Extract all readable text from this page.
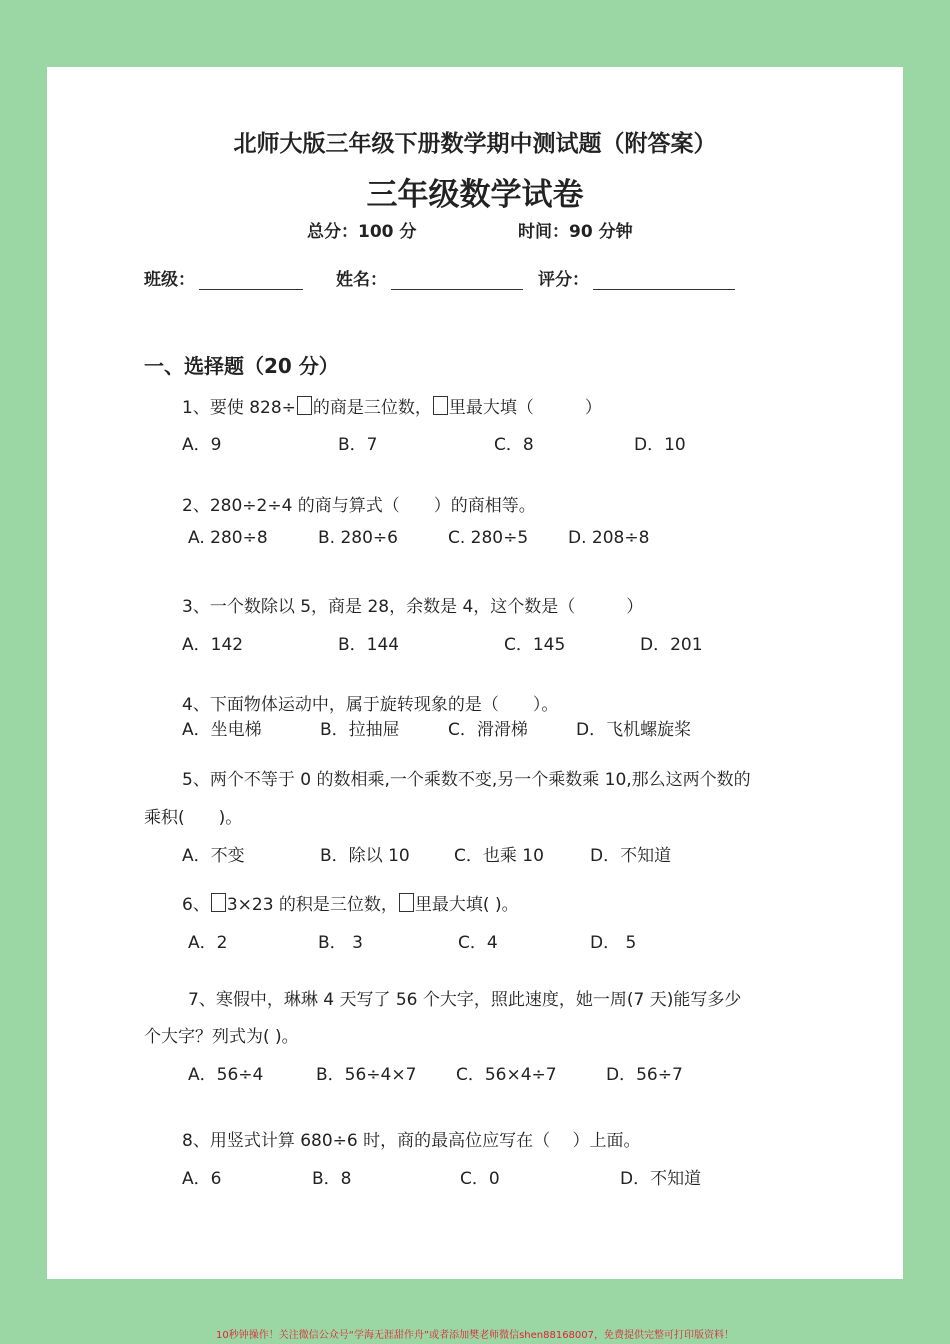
北师大版三年级下册数学期中测试题（附答案）
三年级数学试卷
总分：100 分	时间：90 分钟
班级：	姓名：	评分：
一、选择题（20 分）
1、要使 828÷ 的商是三位数， 里最大填（　　　）
A．9	B．7	C．8	D．10
2、280÷2÷4 的商与算式（　　）的商相等。
A. 280÷8	B. 280÷6	C. 280÷5 D. 208÷8
3、一个数除以 5，商是 28，余数是 4，这个数是（　　　）
A．142	B．144	C．145	D．201
4、下面物体运动中，属于旋转现象的是（　　）。
A．坐电梯	B．拉抽屉	C．滑滑梯	D．飞机螺旋桨
5、两个不等于 0 的数相乘,一个乘数不变,另一个乘数乘 10,那么这两个数的
乘积(　　)。
A．不变	B．除以 10	C．也乘 10	D．不知道
6、 3×23 的积是三位数， 里最大填( )。
A．2	B． 3	C．4	D． 5
7、寒假中，琳琳 4 天写了 56 个大字，照此速度，她一周(7 天)能写多少
个大字？列式为( )。
A．56÷4	B．56÷4×7 C．56×4÷7	D．56÷7
8、用竖式计算 680÷6 时，商的最高位应写在（　 ）上面。
A．6	B．8	C．0	D．不知道
10秒钟操作！关注微信公众号“学海无涯甜作舟”或者添加樊老师微信shen88168007，免费提供完整可打印版资料！
